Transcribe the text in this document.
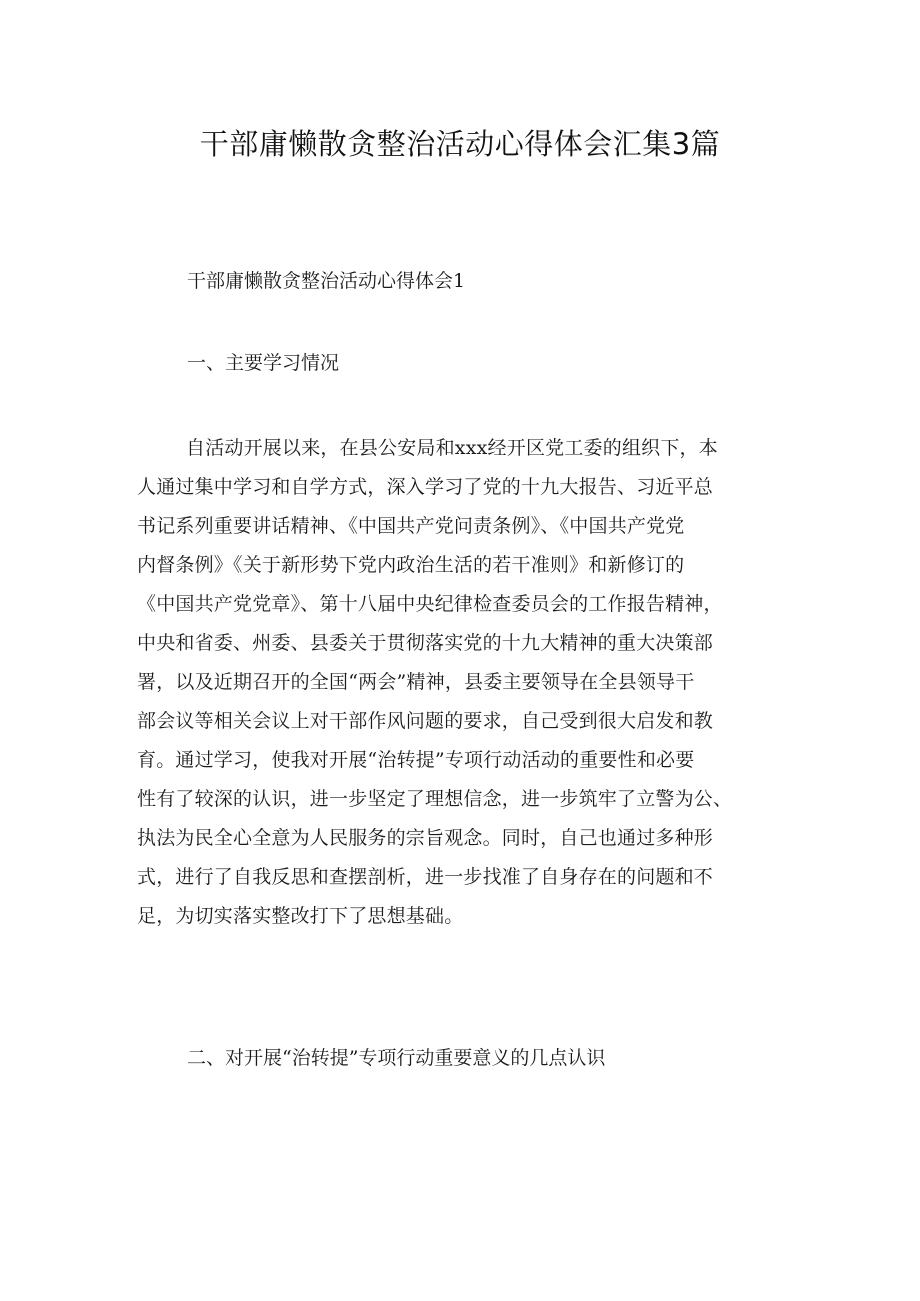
干部庸懒散贪整治活动心得体会汇集3篇
干部庸懒散贪整治活动心得体会1
一、主要学习情况
自活动开展以来，在县公安局和xxx经开区党工委的组织下，本
人通过集中学习和自学方式，深入学习了党的十九大报告、习近平总
书记系列重要讲话精神、《中国共产党问责条例》、《中国共产党党
内督条例》《关于新形势下党内政治生活的若干准则》和新修订的
《中国共产党党章》、第十八届中央纪律检查委员会的工作报告精神，
中央和省委、州委、县委关于贯彻落实党的十九大精神的重大决策部
署，以及近期召开的全国“两会”精神，县委主要领导在全县领导干
部会议等相关会议上对干部作风问题的要求，自己受到很大启发和教
育。通过学习，使我对开展“治转提”专项行动活动的重要性和必要
性有了较深的认识，进一步坚定了理想信念，进一步筑牢了立警为公、
执法为民全心全意为人民服务的宗旨观念。同时，自己也通过多种形
式，进行了自我反思和查摆剖析，进一步找准了自身存在的问题和不
足，为切实落实整改打下了思想基础。
二、对开展“治转提”专项行动重要意义的几点认识
